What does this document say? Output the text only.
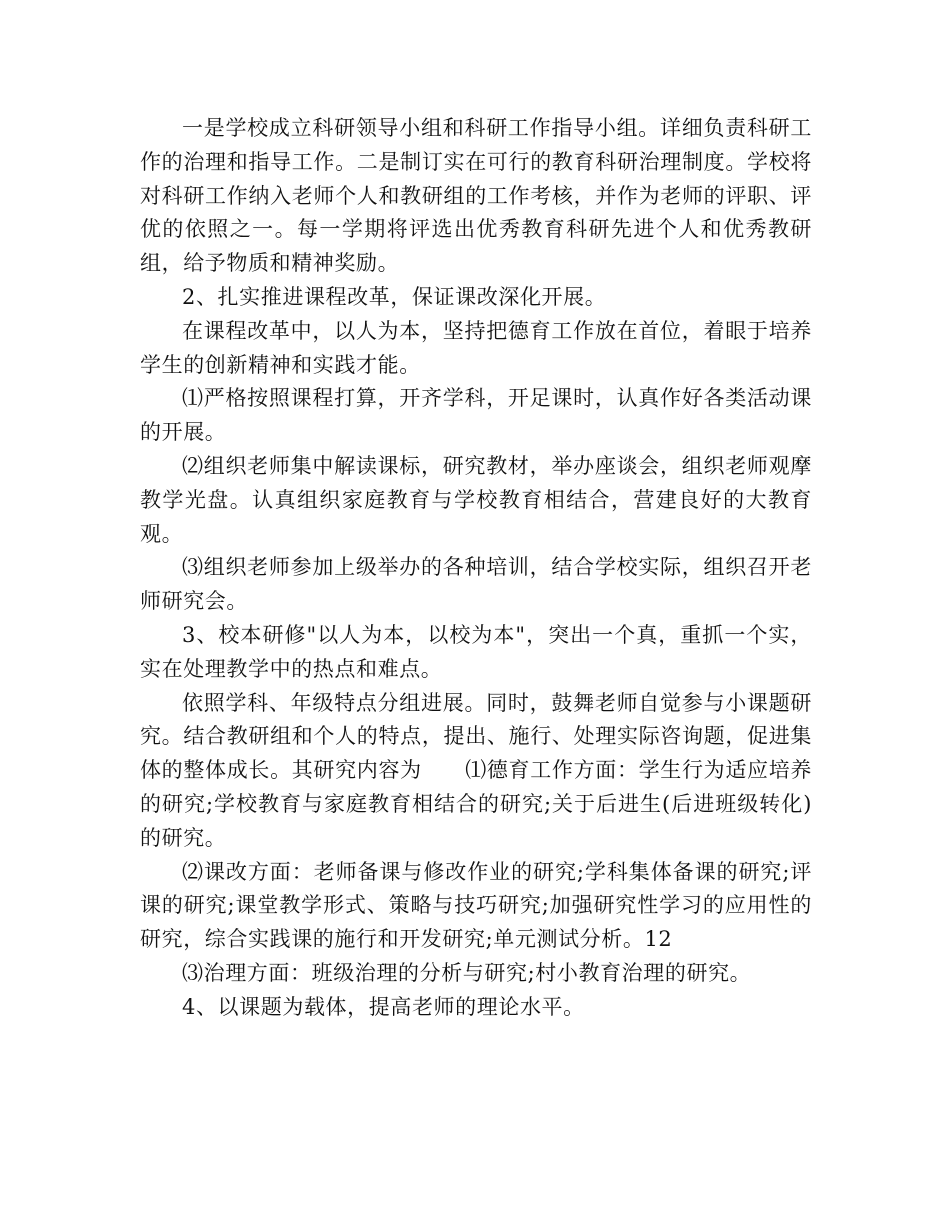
一是学校成立科研领导小组和科研工作指导小组。详细负责科研工作的治理和指导工作。二是制订实在可行的教育科研治理制度。学校将对科研工作纳入老师个人和教研组的工作考核，并作为老师的评职、评优的依照之一。每一学期将评选出优秀教育科研先进个人和优秀教研组，给予物质和精神奖励。

2、扎实推进课程改革，保证课改深化开展。

在课程改革中，以人为本，坚持把德育工作放在首位，着眼于培养学生的创新精神和实践才能。

⑴严格按照课程打算，开齐学科，开足课时，认真作好各类活动课的开展。

⑵组织老师集中解读课标，研究教材，举办座谈会，组织老师观摩教学光盘。认真组织家庭教育与学校教育相结合，营建良好的大教育观。

⑶组织老师参加上级举办的各种培训，结合学校实际，组织召开老师研究会。

3、校本研修"以人为本，以校为本"，突出一个真，重抓一个实，实在处理教学中的热点和难点。

依照学科、年级特点分组进展。同时，鼓舞老师自觉参与小课题研究。结合教研组和个人的特点，提出、施行、处理实际咨询题，促进集体的整体成长。其研究内容为　　⑴德育工作方面：学生行为适应培养的研究;学校教育与家庭教育相结合的研究;关于后进生(后进班级转化)的研究。

⑵课改方面：老师备课与修改作业的研究;学科集体备课的研究;评课的研究;课堂教学形式、策略与技巧研究;加强研究性学习的应用性的研究，综合实践课的施行和开发研究;单元测试分析。12

⑶治理方面：班级治理的分析与研究;村小教育治理的研究。

4、以课题为载体，提高老师的理论水平。
